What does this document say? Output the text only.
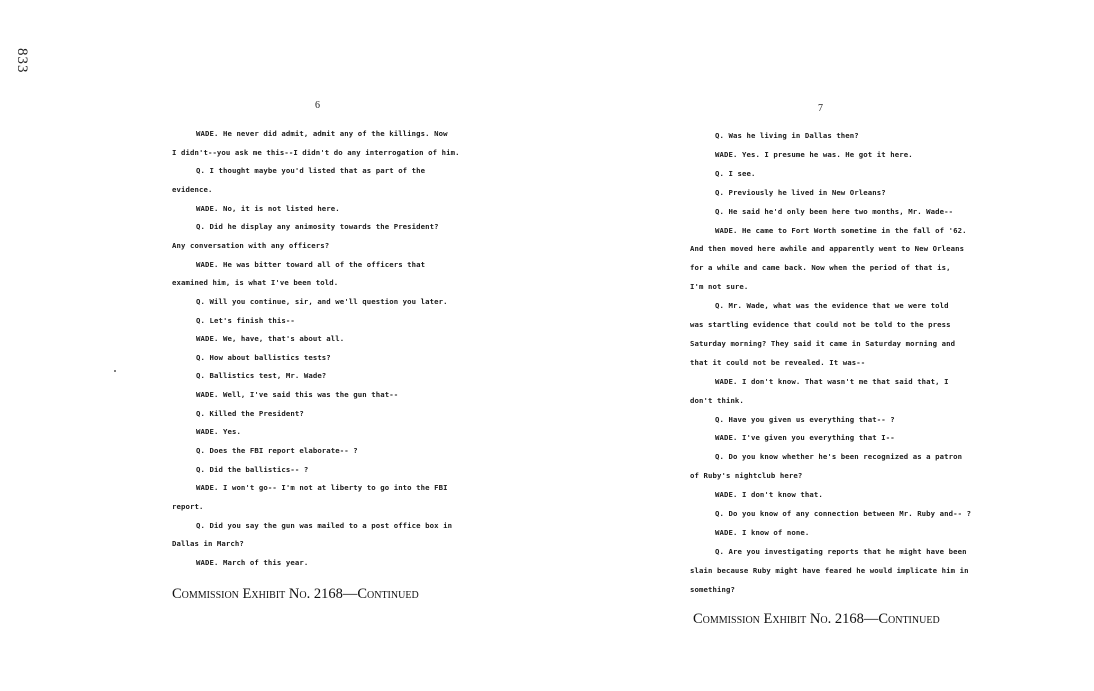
833
6
WADE. He never did admit, admit any of the killings. Now
I didn't--you ask me this--I didn't do any interrogation of him.
Q. I thought maybe you'd listed that as part of the
evidence.
WADE. No, it is not listed here.
Q. Did he display any animosity towards the President?
Any conversation with any officers?
WADE. He was bitter toward all of the officers that
examined him, is what I've been told.
Q. Will you continue, sir, and we'll question you later.
Q. Let's finish this--
WADE. We, have, that's about all.
Q. How about ballistics tests?
Q. Ballistics test, Mr. Wade?
WADE. Well, I've said this was the gun that--
Q. Killed the President?
WADE. Yes.
Q. Does the FBI report elaborate-- ?
Q. Did the ballistics-- ?
WADE. I won't go-- I'm not at liberty to go into the FBI
report.
Q. Did you say the gun was mailed to a post office box in
Dallas in March?
WADE. March of this year.
Commission Exhibit No. 2168—Continued
7
Q. Was he living in Dallas then?
WADE. Yes. I presume he was. He got it here.
Q. I see.
Q. Previously he lived in New Orleans?
Q. He said he'd only been here two months, Mr. Wade--
WADE. He came to Fort Worth sometime in the fall of '62.
And then moved here awhile and apparently went to New Orleans
for a while and came back. Now when the period of that is,
I'm not sure.
Q. Mr. Wade, what was the evidence that we were told
was startling evidence that could not be told to the press
Saturday morning? They said it came in Saturday morning and
that it could not be revealed. It was--
WADE. I don't know. That wasn't me that said that, I
don't think.
Q. Have you given us everything that-- ?
WADE. I've given you everything that I--
Q. Do you know whether he's been recognized as a patron
of Ruby's nightclub here?
WADE. I don't know that.
Q. Do you know of any connection between Mr. Ruby and-- ?
WADE. I know of none.
Q. Are you investigating reports that he might have been
slain because Ruby might have feared he would implicate him in
something?
Commission Exhibit No. 2168—Continued
